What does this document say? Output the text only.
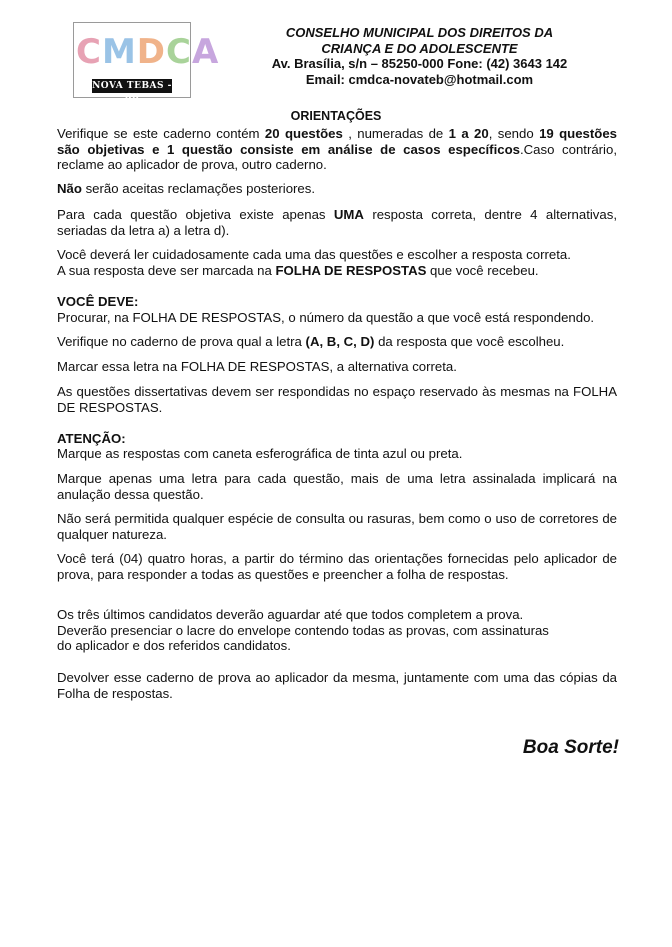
CMDCA
NOVA TEBAS - PR
CONSELHO MUNICIPAL DOS DIREITOS DA
CRIANÇA E DO ADOLESCENTE
Av. Brasília, s/n – 85250-000 Fone: (42) 3643 142
Email: cmdca-novateb@hotmail.com
ORIENTAÇÕES

Verifique se este caderno contém 20 questões , numeradas de 1 a 20, sendo 19 questões são objetivas e 1 questão consiste em análise de casos específicos.Caso contrário, reclame ao aplicador de prova, outro caderno.

Não serão aceitas reclamações posteriores.

Para cada questão objetiva existe apenas UMA resposta correta, dentre 4 alternativas, seriadas da letra a) a letra d).

Você deverá ler cuidadosamente cada uma das questões e escolher a resposta correta.
A sua resposta deve ser marcada na FOLHA DE RESPOSTAS que você recebeu.

VOCÊ DEVE:

Procurar, na FOLHA DE RESPOSTAS, o número da questão a que você está respondendo.

Verifique no caderno de prova qual a letra (A, B, C, D) da resposta que você escolheu.

Marcar essa letra na FOLHA DE RESPOSTAS, a alternativa correta.

As questões dissertativas devem ser respondidas no espaço reservado às mesmas na FOLHA DE RESPOSTAS.

ATENÇÃO:

Marque as respostas com caneta esferográfica de tinta azul ou preta.

Marque apenas uma letra para cada questão, mais de uma letra assinalada implicará na anulação dessa questão.

Não será permitida qualquer espécie de consulta ou rasuras, bem como o uso de corretores de qualquer natureza.

Você terá (04) quatro horas, a partir do término das orientações fornecidas pelo aplicador de prova, para responder a todas as questões e preencher a folha de respostas.

Os três últimos candidatos deverão aguardar até que todos completem a prova.
Deverão presenciar o lacre do envelope contendo todas as provas, com assinaturas
do aplicador e dos referidos candidatos.

Devolver esse caderno de prova ao aplicador da mesma, juntamente com uma das cópias da Folha de respostas.

Boa Sorte!
